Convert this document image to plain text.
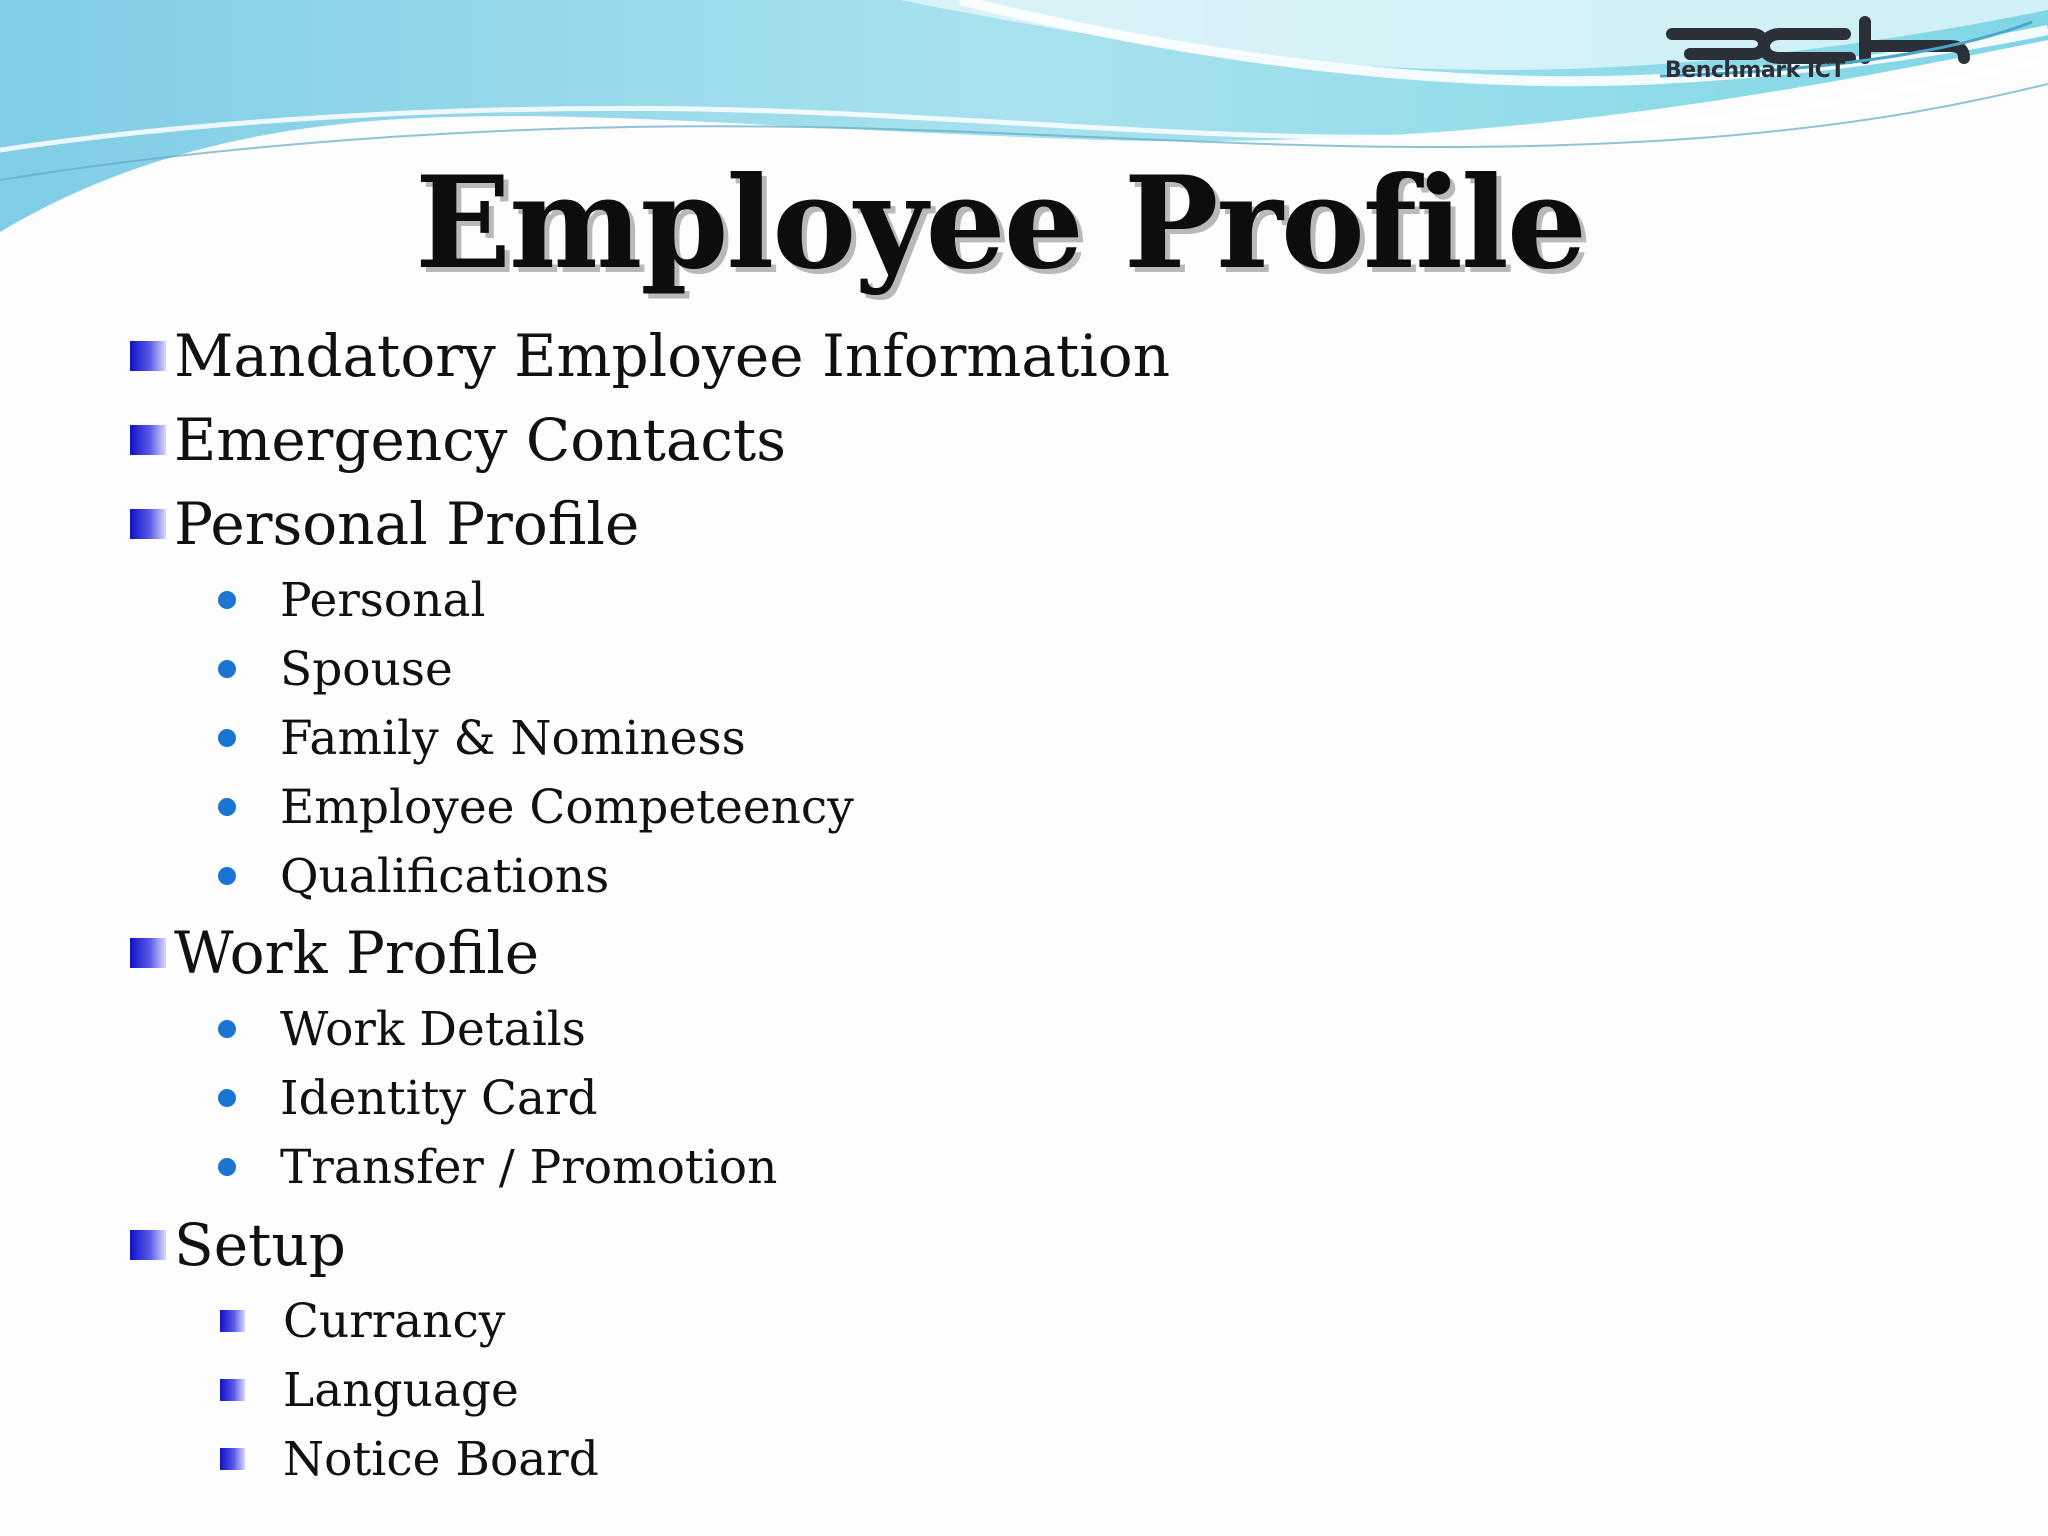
Benchmark ICT
Employee Profile
Mandatory Employee Information
Emergency Contacts
Personal Profile
Personal
Spouse
Family & Nominess
Employee Competeency
Qualifications
Work Profile
Work Details
Identity Card
Transfer / Promotion
Setup
Currancy
Language
Notice Board
